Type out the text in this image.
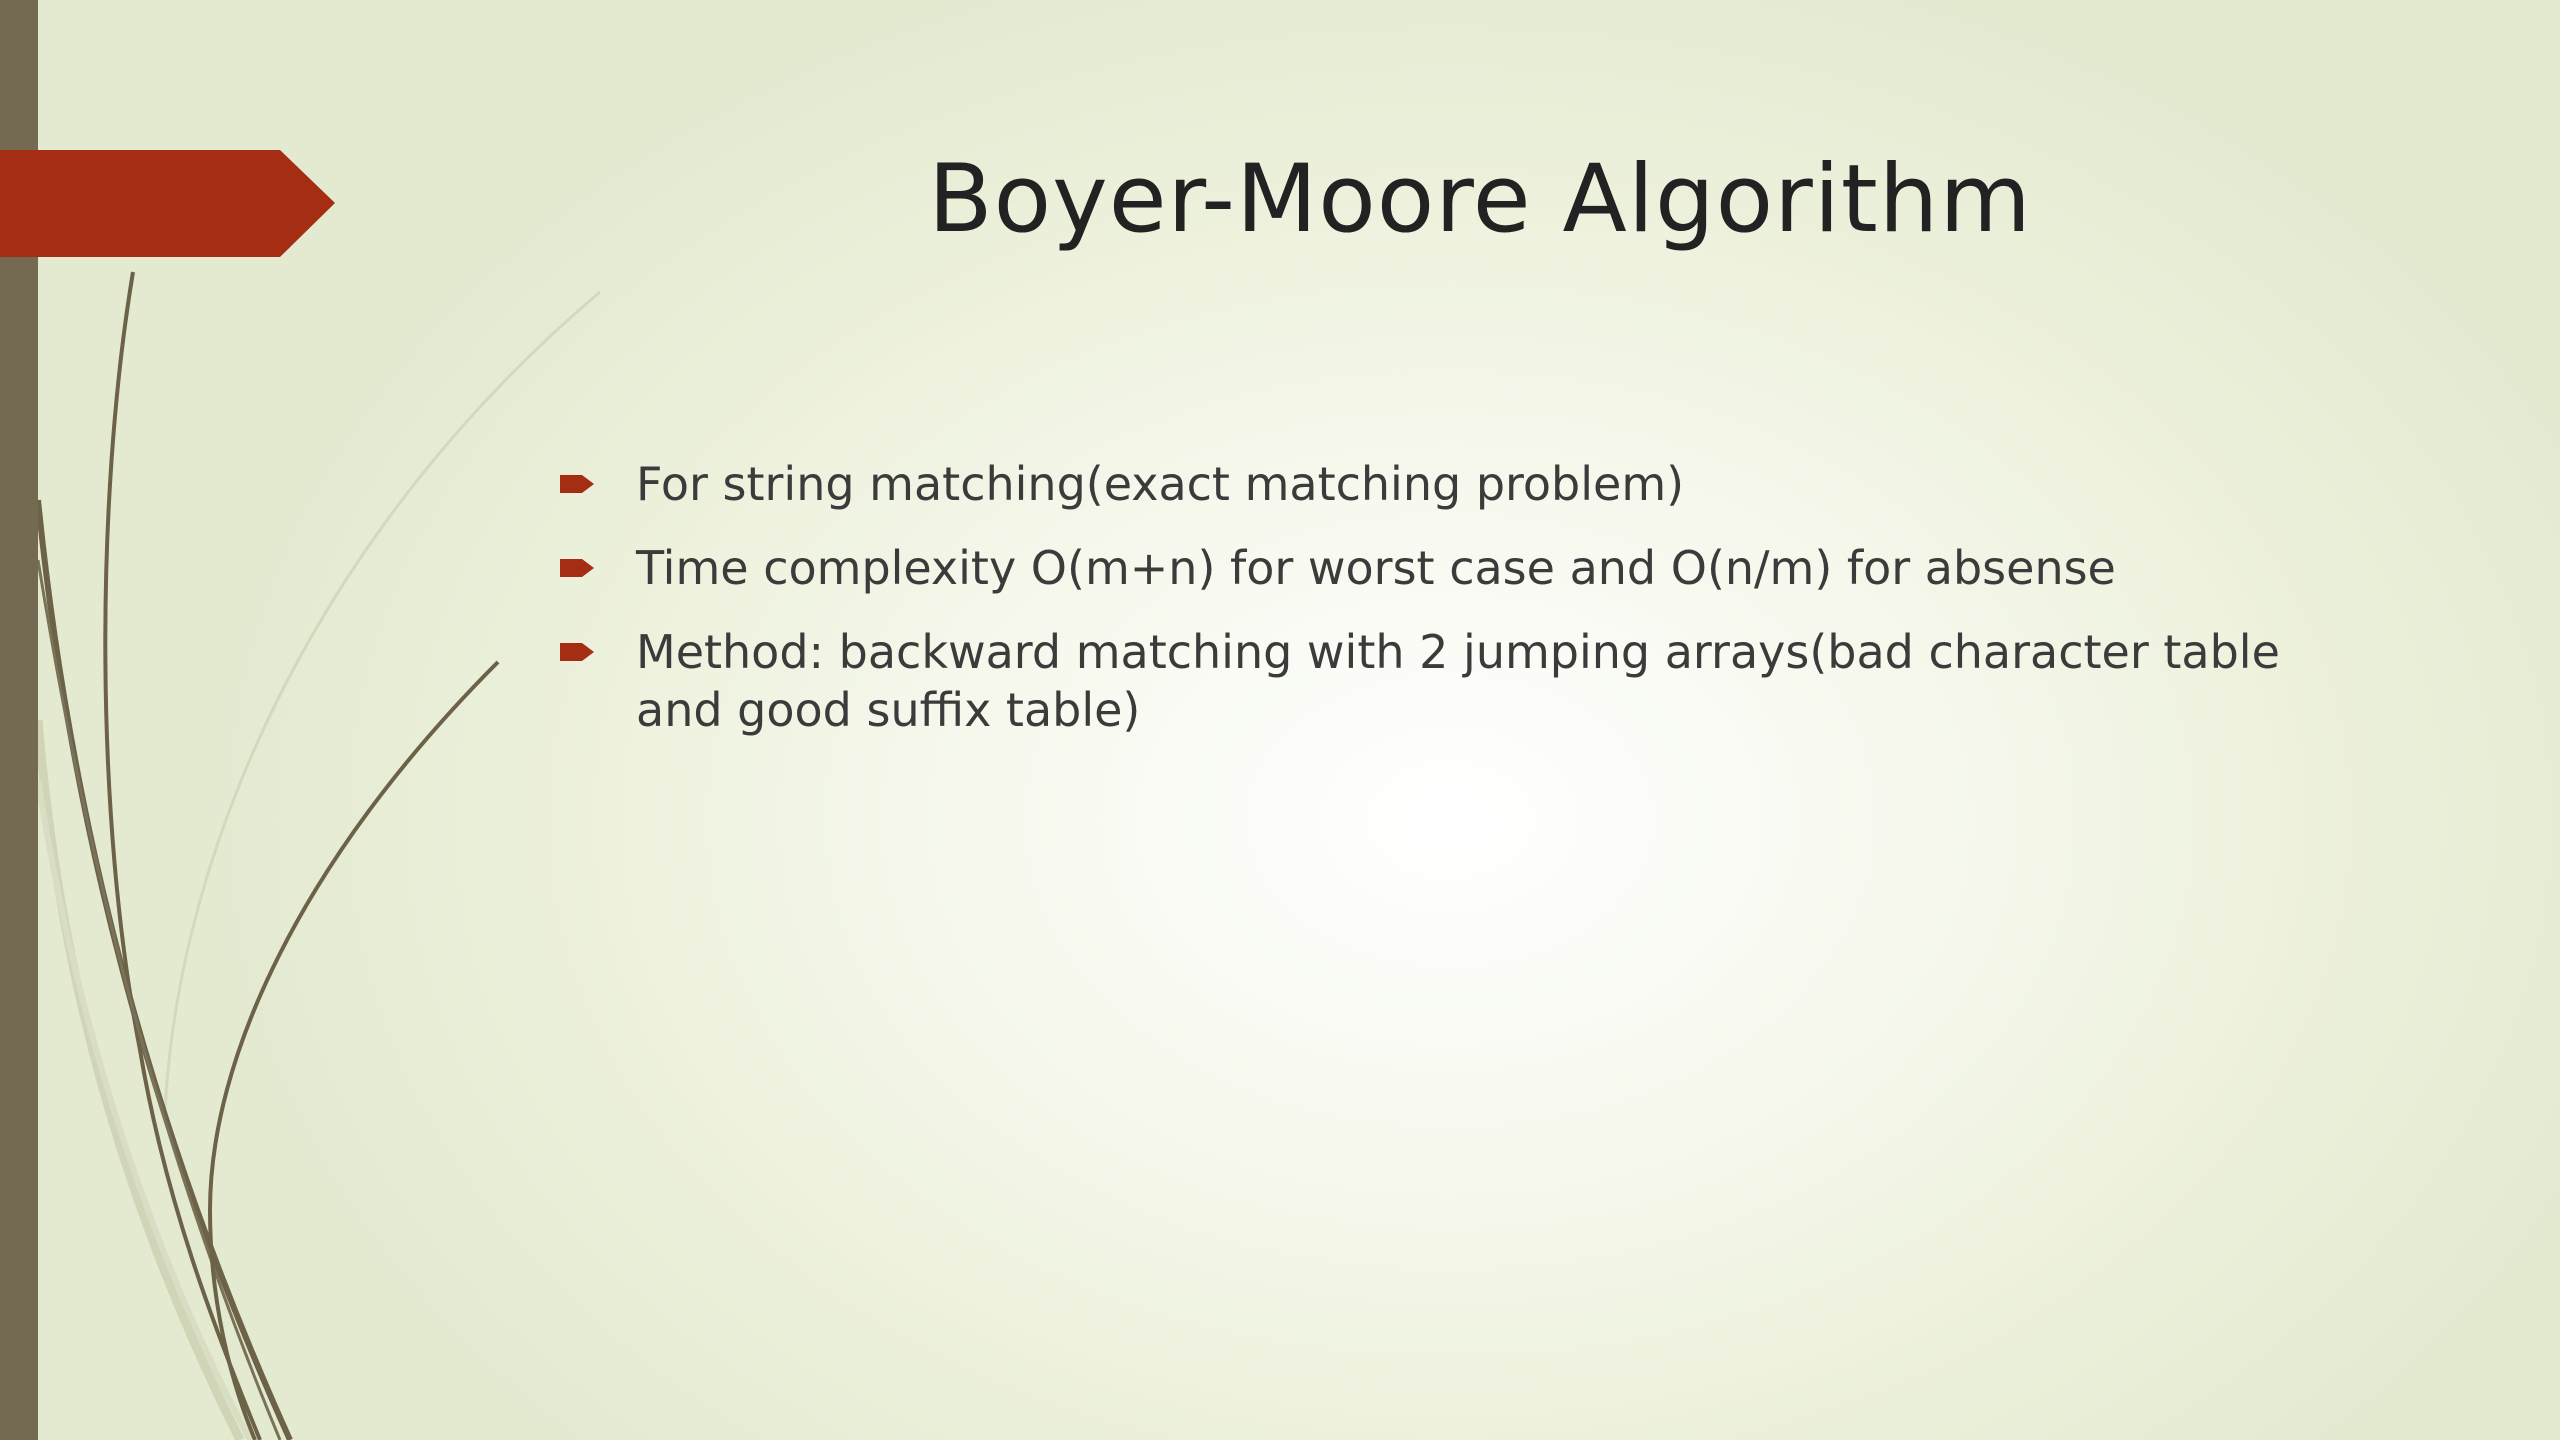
Boyer-Moore Algorithm
For string matching(exact matching problem)
Time complexity O(m+n) for worst case and O(n/m) for absense
Method: backward matching with 2 jumping arrays(bad character table and good suffix table)
